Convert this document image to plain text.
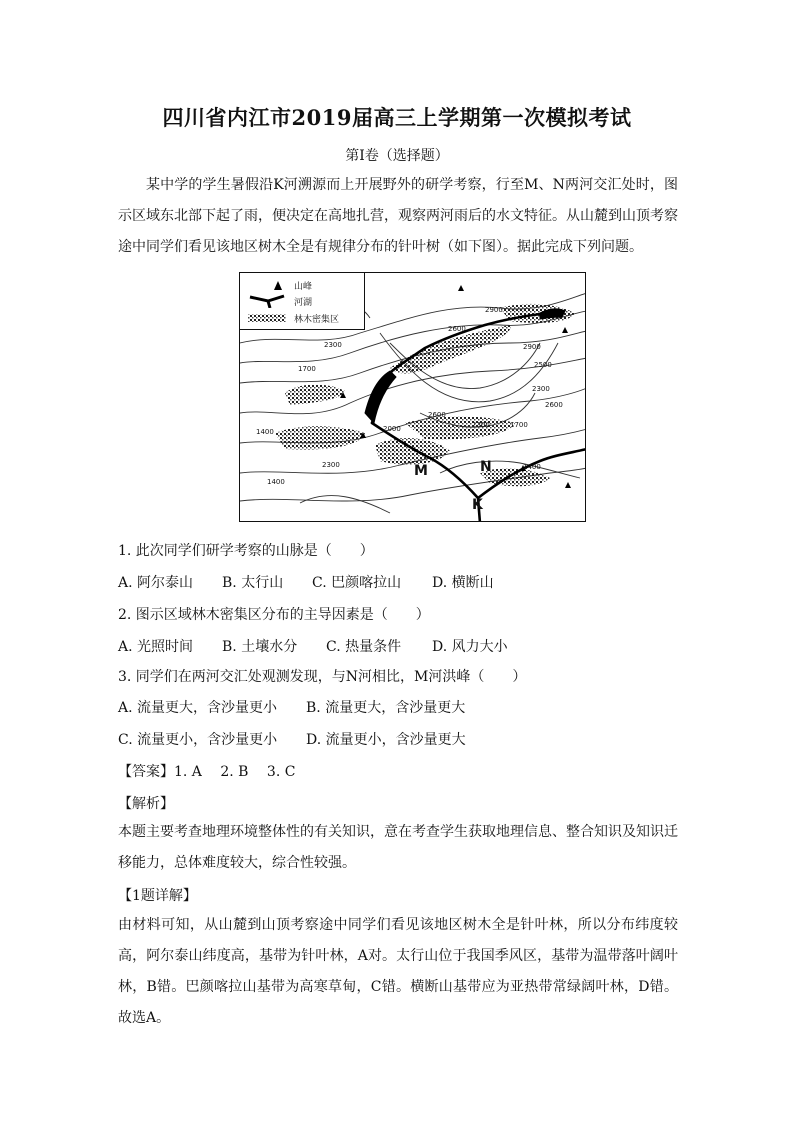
四川省内江市2019届高三上学期第一次模拟考试
第Ⅰ卷（选择题）
某中学的学生暑假沿K河溯源而上开展野外的研学考察，行至M、N两河交汇处时，图示区域东北部下起了雨，便决定在高地扎营，观察两河雨后的水文特征。从山麓到山顶考察途中同学们看见该地区树木全是有规律分布的针叶树（如下图）。据此完成下列问题。
山峰
河湖
林木密集区
2900
2600
2300
1700
1400
2600
2300
2000
2500
2900
2600
2300
1700
1400
2300
1400
M	N
K
1. 此次同学们研学考察的山脉是（　　）
A. 阿尔泰山 B. 太行山 C. 巴颜喀拉山 D. 横断山
2. 图示区域林木密集区分布的主导因素是（　　）
A. 光照时间 B. 土壤水分 C. 热量条件 D. 风力大小
3. 同学们在两河交汇处观测发现，与N河相比，M河洪峰（　　）
A. 流量更大，含沙量更小 B. 流量更大，含沙量更大
C. 流量更小，含沙量更小 D. 流量更小，含沙量更大
【答案】1. A　 2. B　 3. C
【解析】
本题主要考查地理环境整体性的有关知识，意在考查学生获取地理信息、整合知识及知识迁移能力，总体难度较大，综合性较强。
【1题详解】
由材料可知，从山麓到山顶考察途中同学们看见该地区树木全是针叶林，所以分布纬度较高，阿尔泰山纬度高，基带为针叶林，A对。太行山位于我国季风区，基带为温带落叶阔叶林，B错。巴颜喀拉山基带为高寒草甸，C错。横断山基带应为亚热带常绿阔叶林，D错。故选A。
